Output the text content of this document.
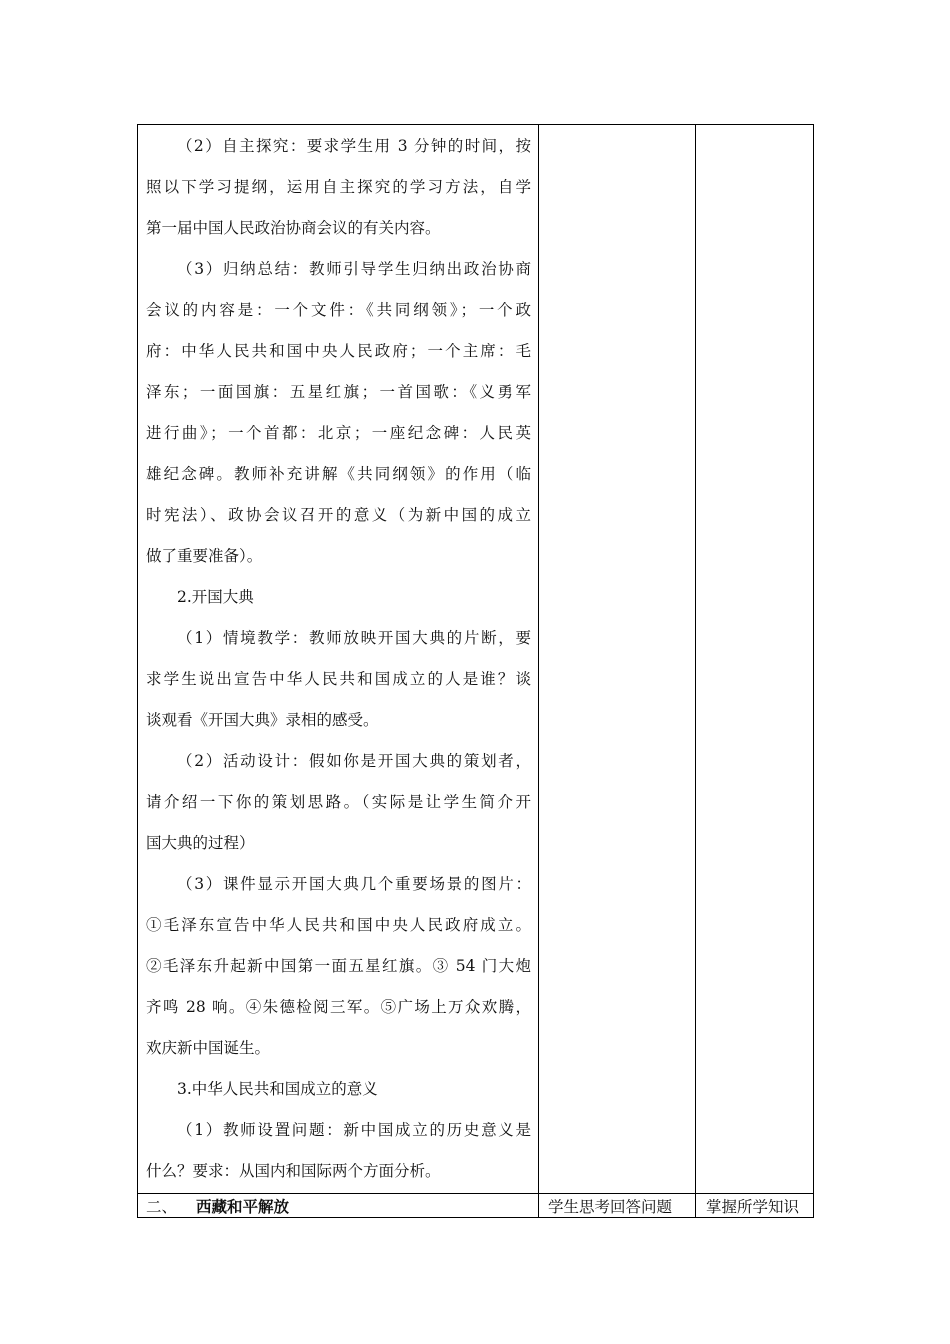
（2）自主探究：要求学生用 3 分钟的时间，按

照以下学习提纲，运用自主探究的学习方法，自学

第一届中国人民政治协商会议的有关内容。

（3）归纳总结：教师引导学生归纳出政治协商

会议的内容是：一个文件：《共同纲领》；一个政

府：中华人民共和国中央人民政府；一个主席：毛

泽东；一面国旗：五星红旗；一首国歌：《义勇军

进行曲》；一个首都：北京；一座纪念碑：人民英

雄纪念碑。教师补充讲解《共同纲领》的作用（临

时宪法）、政协会议召开的意义（为新中国的成立

做了重要准备）。

2.开国大典

（1）情境教学：教师放映开国大典的片断，要

求学生说出宣告中华人民共和国成立的人是谁？谈

谈观看《开国大典》录相的感受。

（2）活动设计：假如你是开国大典的策划者，

请介绍一下你的策划思路。（实际是让学生简介开

国大典的过程）

（3）课件显示开国大典几个重要场景的图片：

①毛泽东宣告中华人民共和国中央人民政府成立。

②毛泽东升起新中国第一面五星红旗。③ 54 门大炮

齐鸣 28 响。④朱德检阅三军。⑤广场上万众欢腾，

欢庆新中国诞生。

3.中华人民共和国成立的意义

（1）教师设置问题：新中国成立的历史意义是

什么？要求：从国内和国际两个方面分析。

二、 西藏和平解放	学生思考回答问题 掌握所学知识
